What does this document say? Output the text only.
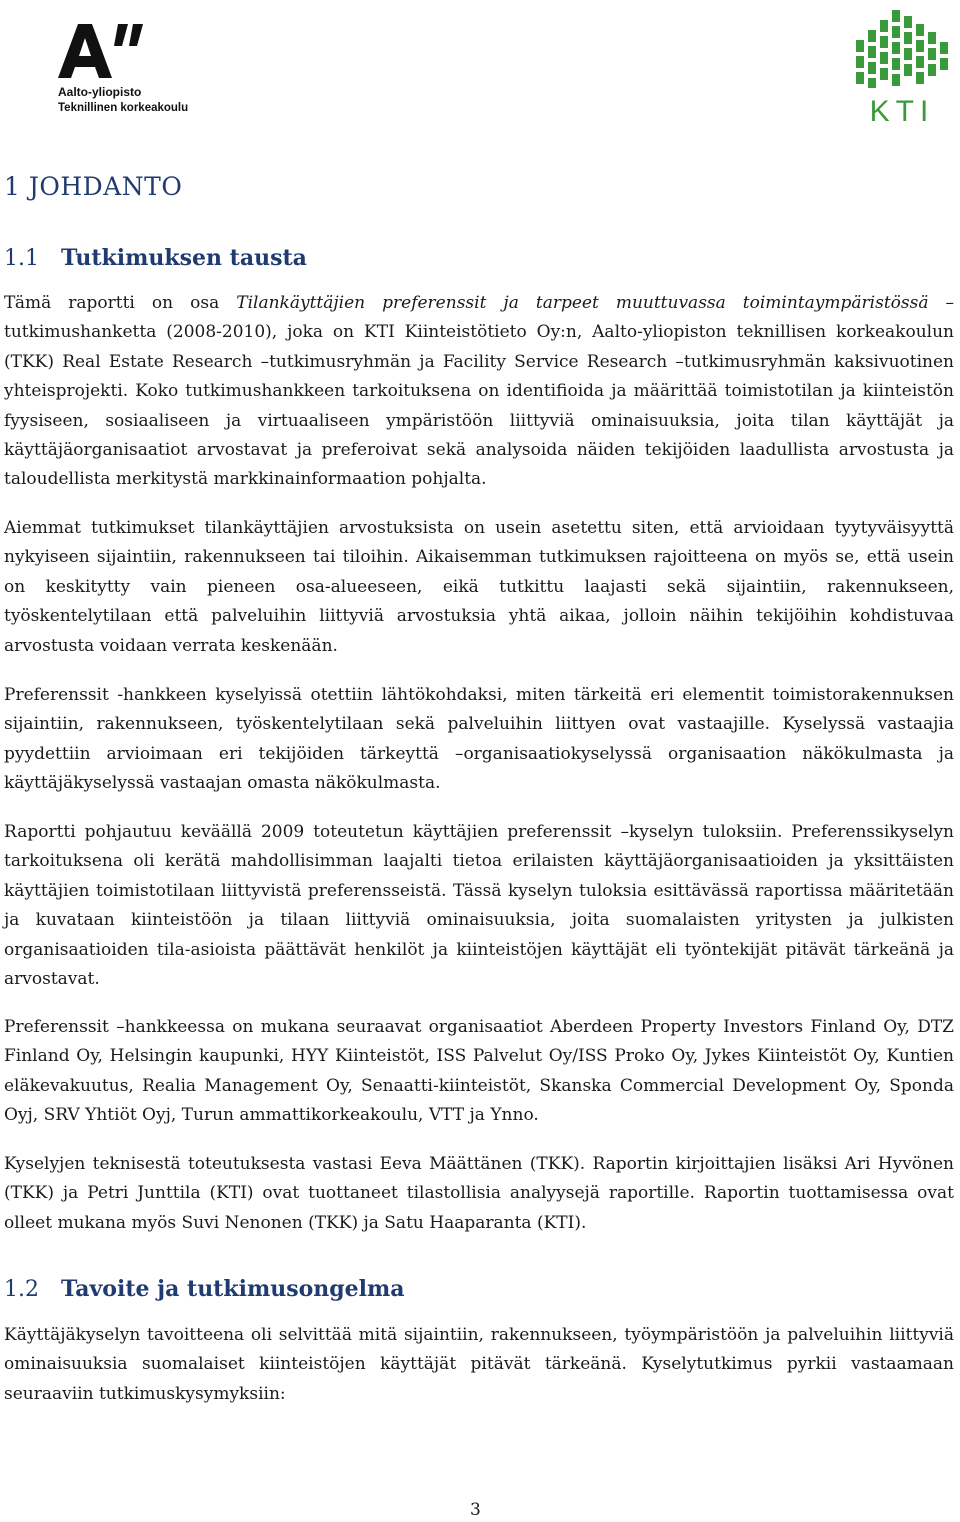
Aalto-yliopisto
Teknillinen korkeakoulu	KTI
1 JOHDANTO
1.1 Tutkimuksen tausta

Tämä raportti on osa Tilankäyttäjien preferenssit ja tarpeet muuttuvassa toimintaympäristössä – tutkimushanketta (2008-2010), joka on KTI Kiinteistötieto Oy:n, Aalto-yliopiston teknillisen korkeakoulun (TKK) Real Estate Research –tutkimusryhmän ja Facility Service Research –tutkimusryhmän kaksivuotinen yhteisprojekti. Koko tutkimushankkeen tarkoituksena on identifioida ja määrittää toimistotilan ja kiinteistön fyysiseen, sosiaaliseen ja virtuaaliseen ympäristöön liittyviä ominaisuuksia, joita tilan käyttäjät ja käyttäjäorganisaatiot arvostavat ja preferoivat sekä analysoida näiden tekijöiden laadullista arvostusta ja taloudellista merkitystä markkinainformaation pohjalta.

Aiemmat tutkimukset tilankäyttäjien arvostuksista on usein asetettu siten, että arvioidaan tyytyväisyyttä nykyiseen sijaintiin, rakennukseen tai tiloihin. Aikaisemman tutkimuksen rajoitteena on myös se, että usein on keskitytty vain pieneen osa-alueeseen, eikä tutkittu laajasti sekä sijaintiin, rakennukseen, työskentelytilaan että palveluihin liittyviä arvostuksia yhtä aikaa, jolloin näihin tekijöihin kohdistuvaa arvostusta voidaan verrata keskenään.

Preferenssit -hankkeen kyselyissä otettiin lähtökohdaksi, miten tärkeitä eri elementit toimistorakennuksen sijaintiin, rakennukseen, työskentelytilaan sekä palveluihin liittyen ovat vastaajille. Kyselyssä vastaajia pyydettiin arvioimaan eri tekijöiden tärkeyttä –organisaatiokyselyssä organisaation näkökulmasta ja käyttäjäkyselyssä vastaajan omasta näkökulmasta.

Raportti pohjautuu keväällä 2009 toteutetun käyttäjien preferenssit –kyselyn tuloksiin. Preferenssikyselyn tarkoituksena oli kerätä mahdollisimman laajalti tietoa erilaisten käyttäjäorganisaatioiden ja yksittäisten käyttäjien toimistotilaan liittyvistä preferensseistä. Tässä kyselyn tuloksia esittävässä raportissa määritetään ja kuvataan kiinteistöön ja tilaan liittyviä ominaisuuksia, joita suomalaisten yritysten ja julkisten organisaatioiden tila-asioista päättävät henkilöt ja kiinteistöjen käyttäjät eli työntekijät pitävät tärkeänä ja arvostavat.

Preferenssit –hankkeessa on mukana seuraavat organisaatiot Aberdeen Property Investors Finland Oy, DTZ Finland Oy, Helsingin kaupunki, HYY Kiinteistöt, ISS Palvelut Oy/ISS Proko Oy, Jykes Kiinteistöt Oy, Kuntien eläkevakuutus, Realia Management Oy, Senaatti-kiinteistöt, Skanska Commercial Development Oy, Sponda Oyj, SRV Yhtiöt Oyj, Turun ammattikorkeakoulu, VTT ja Ynno.

Kyselyjen teknisestä toteutuksesta vastasi Eeva Määttänen (TKK). Raportin kirjoittajien lisäksi Ari Hyvönen (TKK) ja Petri Junttila (KTI) ovat tuottaneet tilastollisia analyysejä raportille. Raportin tuottamisessa ovat olleet mukana myös Suvi Nenonen (TKK) ja Satu Haaparanta (KTI).

1.2 Tavoite ja tutkimusongelma

Käyttäjäkyselyn tavoitteena oli selvittää mitä sijaintiin, rakennukseen, työympäristöön ja palveluihin liittyviä ominaisuuksia suomalaiset kiinteistöjen käyttäjät pitävät tärkeänä. Kyselytutkimus pyrkii vastaamaan seuraaviin tutkimuskysymyksiin:

3
